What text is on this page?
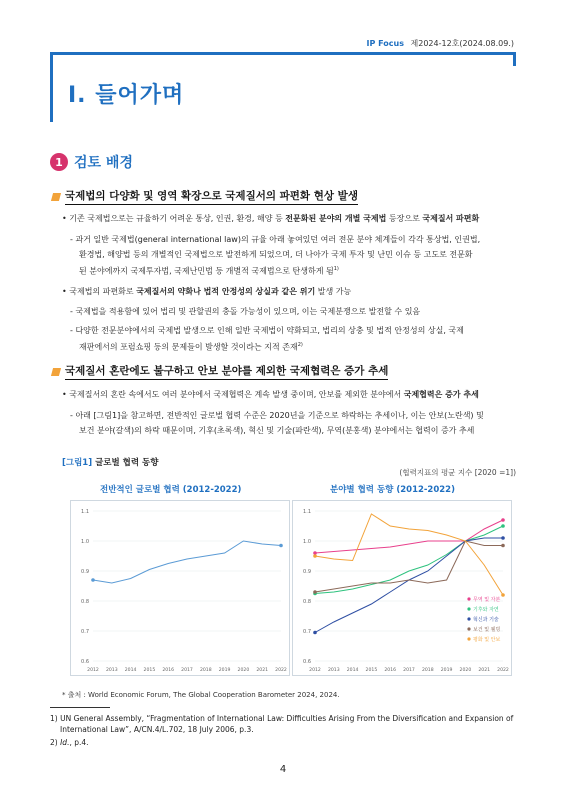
IP Focus 제2024-12호(2024.08.09.)
Ⅰ. 들어가며
1 검토 배경
국제법의 다양화 및 영역 확장으로 국제질서의 파편화 현상 발생
• 기존 국제법으로는 규율하기 어려운 통상, 인권, 환경, 해양 등 전문화된 분야의 개별 국제법 등장으로 국제질서 파편화
- 과거 일반 국제법(general international law)의 규율 아래 놓여있던 여러 전문 분야 체계들이 각각 통상법, 인권법,
환경법, 해양법 등의 개별적인 국제법으로 발전하게 되었으며, 더 나아가 국제 투자 및 난민 이슈 등 고도로 전문화
된 분야에까지 국제투자법, 국제난민법 등 개별적 국제법으로 탄생하게 됨$^{1)}$
• 국제법의 파편화로 국제질서의 약화나 법적 안정성의 상실과 같은 위기 발생 가능
- 국제법을 적용함에 있어 법리 및 관할권의 충돌 가능성이 있으며, 이는 국제분쟁으로 발전할 수 있음
- 다양한 전문분야에서의 국제법 발생으로 인해 일반 국제법이 약화되고, 법리의 상충 및 법적 안정성의 상실, 국제
재판에서의 포럼쇼핑 등의 문제들이 발생할 것이라는 지적 존재$^{2)}$
국제질서 혼란에도 불구하고 안보 분야를 제외한 국제협력은 증가 추세
• 국제질서의 혼란 속에서도 여러 분야에서 국제협력은 계속 발생 중이며, 안보를 제외한 분야에서 국제협력은 증가 추세
- 아래 [그림1]을 참고하면, 전반적인 글로벌 협력 수준은 2020년을 기준으로 하락하는 추세이나, 이는 안보(노란색) 및
보건 분야(갈색)의 하락 때문이며, 기후(초록색), 혁신 및 기술(파란색), 무역(분홍색) 분야에서는 협력이 증가 추세
[그림1] 글로벌 협력 동향
(협력지표의 평균 지수 [2020 =1])
전반적인 글로벌 협력 (2012-2022)	분야별 협력 동향 (2012-2022)
1.1
1.0
0.9
0.8
0.7
0.6
2012 2013 2014 2015 2016 2017 2018 2019 2020 2021 2022
1.1
1.0
0.9
0.8
0.7
0.6
2012 2013 2014 2015 2016 2017 2018 2019 2020 2021 2022
무역 및 자본
기후와 자연
혁신과 기술
보건 및 웰빙
평화 및 안보
* 출처 : World Economic Forum, The Global Cooperation Barometer 2024, 2024.
1) UN General Assembly, “Fragmentation of International Law: Difficulties Arising From the Diversification and Expansion of
International Law”, A/CN.4/L.702, 18 July 2006, p.3.
2) Id., p.4.
4
